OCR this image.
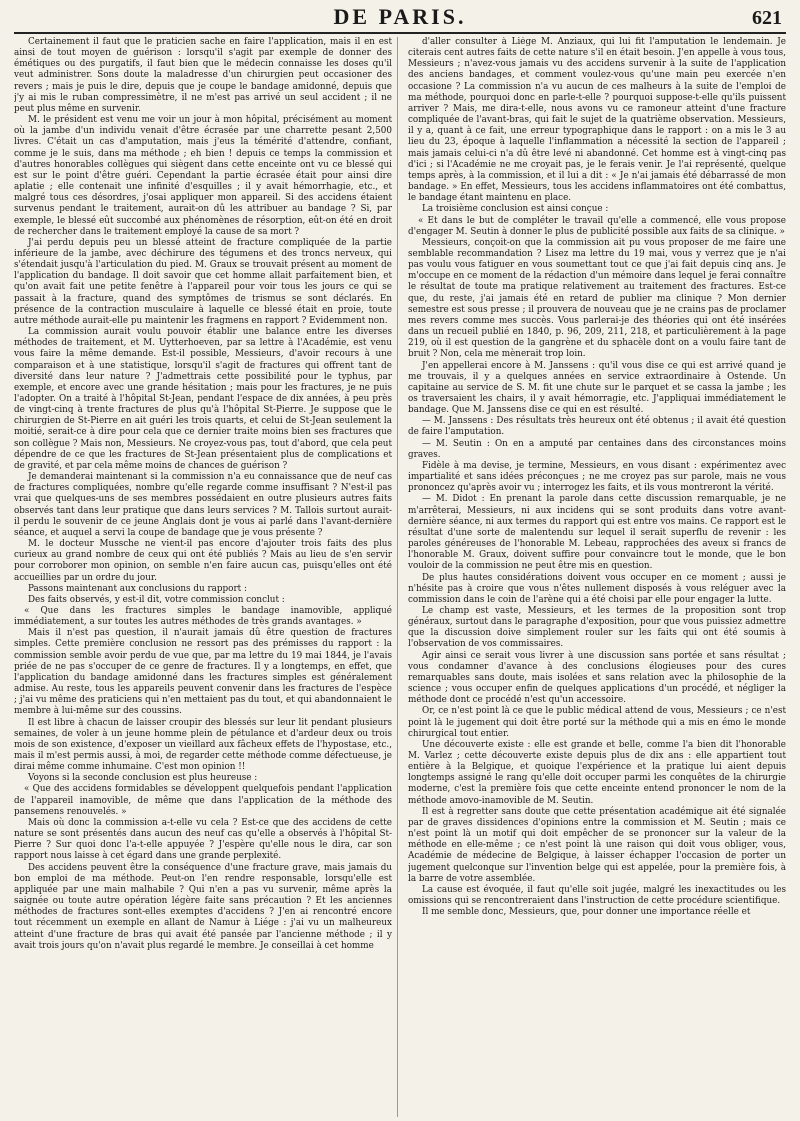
DE PARIS.	621

Certainement il faut que le praticien sache en faire l'application, mais il en est ainsi de tout moyen de guérison : lorsqu'il s'agit par exemple de donner des émétiques ou des purgatifs, il faut bien que le médecin connaisse les doses qu'il veut administrer. Sons doute la maladresse d'un chirurgien peut occasioner des revers ; mais je puis le dire, depuis que je coupe le bandage amidonné, depuis que j'y ai mis le ruban compressimètre, il ne m'est pas arrivé un seul accident ; il ne peut plus même en survenir.

M. le président est venu me voir un jour à mon hôpital, précisément au moment où la jambe d'un individu venait d'être écrasée par une charrette pesant 2,500 livres. C'était un cas d'amputation, mais j'eus la témérité d'attendre, confiant, comme je le suis, dans ma méthode ; eh bien ! depuis ce temps la commission et d'autres honorables collègues qui siègent dans cette enceinte ont vu ce blessé qui est sur le point d'être guéri. Cependant la partie écrasée était pour ainsi dire aplatie ; elle contenait une infinité d'esquilles ; il y avait hémorrhagie, etc., et malgré tous ces désordres, j'osai appliquer mon appareil. Si des accidens étaient survenus pendant le traitement, aurait-on dû les attribuer au bandage ? Si, par exemple, le blessé eût succombé aux phénomènes de résorption, eût-on été en droit de rechercher dans le traitement employé la cause de sa mort ?

J'ai perdu depuis peu un blessé atteint de fracture compliquée de la partie inférieure de la jambe, avec déchirure des tégumens et des troncs nerveux, qui s'étendait jusqu'à l'articulation du pied. M. Graux se trouvait présent au moment de l'application du bandage. Il doit savoir que cet homme allait parfaitement bien, et qu'on avait fait une petite fenêtre à l'appareil pour voir tous les jours ce qui se passait à la fracture, quand des symptômes de trismus se sont déclarés. En présence de la contraction musculaire à laquelle ce blessé était en proie, toute autre méthode aurait-elle pu maintenir les fragmens en rapport ? Evidemment non.

La commission aurait voulu pouvoir établir une balance entre les diverses méthodes de traitement, et M. Uytterhoeven, par sa lettre à l'Académie, est venu vous faire la même demande. Est-il possible, Messieurs, d'avoir recours à une comparaison et à une statistique, lorsqu'il s'agit de fractures qui offrent tant de diversité dans leur nature ? J'admettrais cette possibilité pour le typhus, par exemple, et encore avec une grande hésitation ; mais pour les fractures, je ne puis l'adopter. On a traité à l'hôpital St-Jean, pendant l'espace de dix années, à peu près de vingt-cinq à trente fractures de plus qu'à l'hôpital St-Pierre. Je suppose que le chirurgien de St-Pierre en ait guéri les trois quarts, et celui de St-Jean seulement la moitié, serait-ce à dire pour cela que ce dernier traite moins bien ses fractures que son collègue ? Mais non, Messieurs. Ne croyez-vous pas, tout d'abord, que cela peut dépendre de ce que les fractures de St-Jean présentaient plus de complications et de gravité, et par cela même moins de chances de guérison ?

Je demanderai maintenant si la commission n'a eu connaissance que de neuf cas de fractures compliquées, nombre qu'elle regarde comme insuffisant ? N'est-il pas vrai que quelques-uns de ses membres possédaient en outre plusieurs autres faits observés tant dans leur pratique que dans leurs services ? M. Tallois surtout aurait-il perdu le souvenir de ce jeune Anglais dont je vous ai parlé dans l'avant-dernière séance, et auquel a servi la coupe de bandage que je vous présente ?

M. le docteur Mussche ne vient-il pas encore d'ajouter trois faits des plus curieux au grand nombre de ceux qui ont été publiés ? Mais au lieu de s'en servir pour corroborer mon opinion, on semble n'en faire aucun cas, puisqu'elles ont été accueillies par un ordre du jour.

Passons maintenant aux conclusions du rapport :

Des faits observés, y est-il dit, votre commission conclut :

« Que dans les fractures simples le bandage inamovible, appliqué immédiatement, a sur toutes les autres méthodes de très grands avantages. »

Mais il n'est pas question, il n'aurait jamais dû être question de fractures simples. Cette première conclusion ne ressort pas des prémisses du rapport : la commission semble avoir perdu de vue que, par ma lettre du 19 mai 1844, je l'avais priée de ne pas s'occuper de ce genre de fractures. Il y a longtemps, en effet, que l'application du bandage amidonné dans les fractures simples est généralement admise. Au reste, tous les appareils peuvent convenir dans les fractures de l'espèce ; j'ai vu même des praticiens qui n'en mettaient pas du tout, et qui abandonnaient le membre à lui-même sur des coussins.

Il est libre à chacun de laisser croupir des blessés sur leur lit pendant plusieurs semaines, de voler à un jeune homme plein de pétulance et d'ardeur deux ou trois mois de son existence, d'exposer un vieillard aux fâcheux effets de l'hypostase, etc., mais il m'est permis aussi, à moi, de regarder cette méthode comme défectueuse, je dirai même comme inhumaine. C'est mon opinion !!

Voyons si la seconde conclusion est plus heureuse :

« Que des accidens formidables se développent quelquefois pendant l'application de l'appareil inamovible, de même que dans l'application de la méthode des pansemens renouvelés. »

Mais où donc la commission a-t-elle vu cela ? Est-ce que des accidens de cette nature se sont présentés dans aucun des neuf cas qu'elle a observés à l'hôpital St-Pierre ? Sur quoi donc l'a-t-elle appuyée ? J'espère qu'elle nous le dira, car son rapport nous laisse à cet égard dans une grande perplexité.

Des accidens peuvent être la conséquence d'une fracture grave, mais jamais du bon emploi de ma méthode. Peut-on l'en rendre responsable, lorsqu'elle est appliquée par une main malhabile ? Qui n'en a pas vu survenir, même après la saignée ou toute autre opération légère faite sans précaution ? Et les anciennes méthodes de fractures sont-elles exemptes d'accidens ? J'en ai rencontré encore tout récemment un exemple en allant de Namur à Liége : j'ai vu un malheureux atteint d'une fracture de bras qui avait été pansée par l'ancienne méthode ; il y avait trois jours qu'on n'avait plus regardé le membre. Je conseillai à cet homme

d'aller consulter à Liége M. Anziaux, qui lui fit l'amputation le lendemain. Je citerais cent autres faits de cette nature s'il en était besoin. J'en appelle à vous tous, Messieurs ; n'avez-vous jamais vu des accidens survenir à la suite de l'application des anciens bandages, et comment voulez-vous qu'une main peu exercée n'en occasione ? La commission n'a vu aucun de ces malheurs à la suite de l'emploi de ma méthode, pourquoi donc en parle-t-elle ? pourquoi suppose-t-elle qu'ils puissent arriver ? Mais, me dira-t-elle, nous avons vu ce ramoneur atteint d'une fracture compliquée de l'avant-bras, qui fait le sujet de la quatrième observation. Messieurs, il y a, quant à ce fait, une erreur typographique dans le rapport : on a mis le 3 au lieu du 23, époque à laquelle l'inflammation a nécessité la section de l'appareil ; mais jamais celui-ci n'a dû être levé ni abandonné. Cet homme est à vingt-cinq pas d'ici ; si l'Académie ne me croyait pas, je le ferais venir. Je l'ai représenté, quelque temps après, à la commission, et il lui a dit : « Je n'ai jamais été débarrassé de mon bandage. » En effet, Messieurs, tous les accidens inflammatoires ont été combattus, le bandage étant maintenu en place.

La troisième conclusion est ainsi conçue :

« Et dans le but de compléter le travail qu'elle a commencé, elle vous propose d'engager M. Seutin à donner le plus de publicité possible aux faits de sa clinique. »

Messieurs, conçoit-on que la commission ait pu vous proposer de me faire une semblable recommandation ? Lisez ma lettre du 19 mai, vous y verrez que je n'ai pas voulu vous fatiguer en vous soumettant tout ce que j'ai fait depuis cinq ans. Je m'occupe en ce moment de la rédaction d'un mémoire dans lequel je ferai connaître le résultat de toute ma pratique relativement au traitement des fractures. Est-ce que, du reste, j'ai jamais été en retard de publier ma clinique ? Mon dernier semestre est sous presse ; il prouvera de nouveau que je ne crains pas de proclamer mes revers comme mes succès. Vous parlerai-je des théories qui ont été insérées dans un recueil publié en 1840, p. 96, 209, 211, 218, et particulièrement à la page 219, où il est question de la gangrène et du sphacèle dont on a voulu faire tant de bruit ? Non, cela me mènerait trop loin.

J'en appellerai encore à M. Janssens : qu'il vous dise ce qui est arrivé quand je me trouvais, il y a quelques années en service extraordinaire à Ostende. Un capitaine au service de S. M. fit une chute sur le parquet et se cassa la jambe ; les os traversaient les chairs, il y avait hémorragie, etc. J'appliquai immédiatement le bandage. Que M. Janssens dise ce qui en est résulté.

— M. Janssens : Des résultats très heureux ont été obtenus ; il avait été question de faire l'amputation.

— M. Seutin : On en a amputé par centaines dans des circonstances moins graves.

Fidèle à ma devise, je termine, Messieurs, en vous disant : expérimentez avec impartialité et sans idées préconçues ; ne me croyez pas sur parole, mais ne vous prononcez qu'après avoir vu ; interrogez les faits, et ils vous montreront la vérité.

— M. Didot : En prenant la parole dans cette discussion remarquable, je ne m'arrêterai, Messieurs, ni aux incidens qui se sont produits dans votre avant-dernière séance, ni aux termes du rapport qui est entre vos mains. Ce rapport est le résultat d'une sorte de malentendu sur lequel il serait superflu de revenir : les paroles généreuses de l'honorable M. Lebeau, rapprochées des aveux si francs de l'honorable M. Graux, doivent suffire pour convaincre tout le monde, que le bon vouloir de la commission ne peut être mis en question.

De plus hautes considérations doivent vous occuper en ce moment ; aussi je n'hésite pas à croire que vous n'êtes nullement disposés à vous reléguer avec la commission dans le coin de l'arène qui a été choisi par elle pour engager la lutte.

Le champ est vaste, Messieurs, et les termes de la proposition sont trop généraux, surtout dans le paragraphe d'exposition, pour que vous puissiez admettre que la discussion doive simplement rouler sur les faits qui ont été soumis à l'observation de vos commissaires.

Agir ainsi ce serait vous livrer à une discussion sans portée et sans résultat ; vous condamner d'avance à des conclusions élogieuses pour des cures remarquables sans doute, mais isolées et sans relation avec la philosophie de la science ; vous occuper enfin de quelques applications d'un procédé, et négliger la méthode dont ce procédé n'est qu'un accessoire.

Or, ce n'est point là ce que le public médical attend de vous, Messieurs ; ce n'est point là le jugement qui doit être porté sur la méthode qui a mis en émo le monde chirurgical tout entier.

Une découverte existe : elle est grande et belle, comme l'a bien dit l'honorable M. Varlez ; cette découverte existe depuis plus de dix ans : elle appartient tout entière à la Belgique, et quoique l'expérience et la pratique lui aient depuis longtemps assigné le rang qu'elle doit occuper parmi les conquêtes de la chirurgie moderne, c'est la première fois que cette enceinte entend prononcer le nom de la méthode amovo-inamovible de M. Seutin.

Il est à regretter sans doute que cette présentation académique ait été signalée par de graves dissidences d'opinions entre la commission et M. Seutin ; mais ce n'est point là un motif qui doit empêcher de se prononcer sur la valeur de la méthode en elle-même ; ce n'est point là une raison qui doit vous obliger, vous, Académie de médecine de Belgique, à laisser échapper l'occasion de porter un jugement quelconque sur l'invention belge qui est appelée, pour la première fois, à la barre de votre assemblée.

La cause est évoquée, il faut qu'elle soit jugée, malgré les inexactitudes ou les omissions qui se rencontreraient dans l'instruction de cette procédure scientifique.

Il me semble donc, Messieurs, que, pour donner une importance réelle et
